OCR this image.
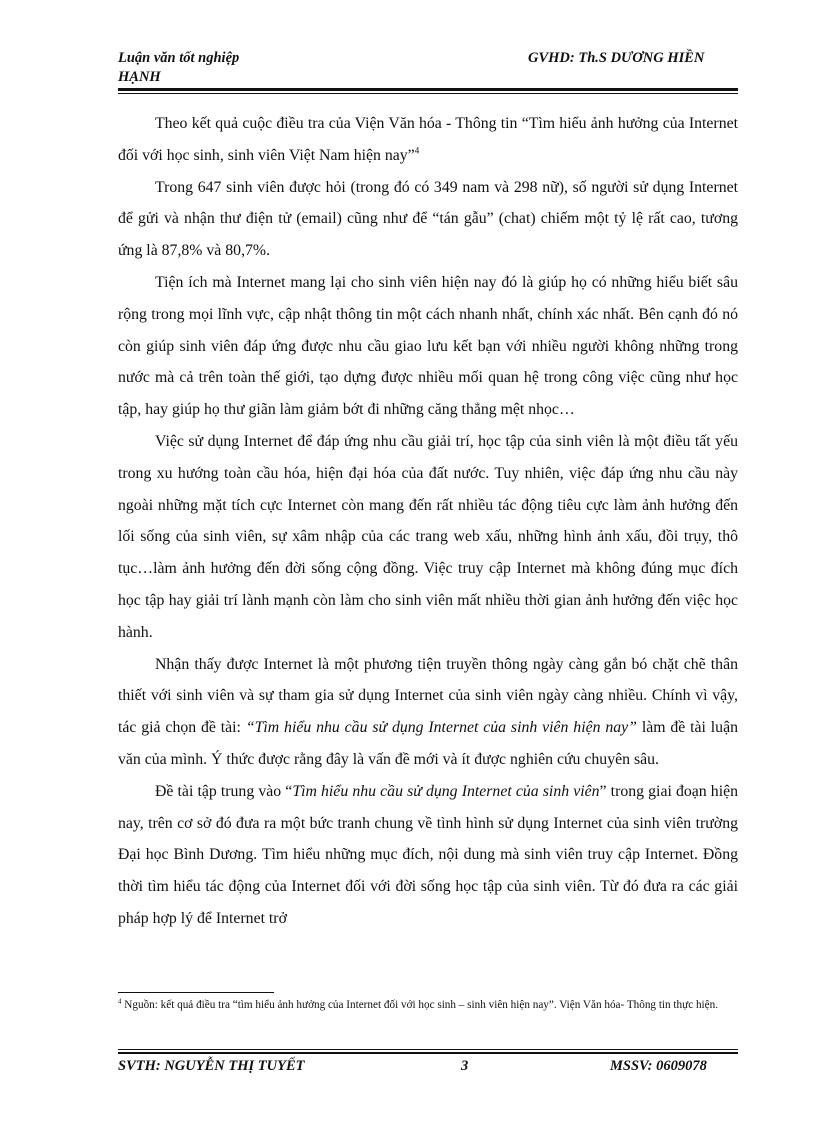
Luận văn tốt nghiệp
HẠNH
GVHD: Th.S DƯƠNG HIỀN

Theo kết quả cuộc điều tra của Viện Văn hóa - Thông tin “Tìm hiểu ảnh hưởng của Internet đối với học sinh, sinh viên Việt Nam hiện nay”$^4$

Trong 647 sinh viên được hỏi (trong đó có 349 nam và 298 nữ), số người sử dụng Internet để gửi và nhận thư điện tử (email) cũng như để “tán gẫu” (chat) chiếm một tỷ lệ rất cao, tương ứng là 87,8% và 80,7%.

Tiện ích mà Internet mang lại cho sinh viên hiện nay đó là giúp họ có những hiểu biết sâu rộng trong mọi lĩnh vực, cập nhật thông tin một cách nhanh nhất, chính xác nhất. Bên cạnh đó nó còn giúp sinh viên đáp ứng được nhu cầu giao lưu kết bạn với nhiều người không những trong nước mà cả trên toàn thế giới, tạo dựng được nhiều mối quan hệ trong công việc cũng như học tập, hay giúp họ thư giãn làm giảm bớt đi những căng thẳng mệt nhọc…

Việc sử dụng Internet để đáp ứng nhu cầu giải trí, học tập của sinh viên là một điều tất yếu trong xu hướng toàn cầu hóa, hiện đại hóa của đất nước. Tuy nhiên, việc đáp ứng nhu cầu này ngoài những mặt tích cực Internet còn mang đến rất nhiều tác động tiêu cực làm ảnh hưởng đến lối sống của sinh viên, sự xâm nhập của các trang web xấu, những hình ảnh xấu, đồi trụy, thô tục…làm ảnh hưởng đến đời sống cộng đồng. Việc truy cập Internet mà không đúng mục đích học tập hay giải trí lành mạnh còn làm cho sinh viên mất nhiều thời gian ảnh hưởng đến việc học hành.

Nhận thấy được Internet là một phương tiện truyền thông ngày càng gắn bó chặt chẽ thân thiết với sinh viên và sự tham gia sử dụng Internet của sinh viên ngày càng nhiều. Chính vì vậy, tác giả chọn đề tài: “Tìm hiểu nhu cầu sử dụng Internet của sinh viên hiện nay” làm đề tài luận văn của mình. Ý thức được rằng đây là vấn đề mới và ít được nghiên cứu chuyên sâu.

Đề tài tập trung vào “Tìm hiểu nhu cầu sử dụng Internet của sinh viên” trong giai đoạn hiện nay, trên cơ sở đó đưa ra một bức tranh chung về tình hình sử dụng Internet của sinh viên trường Đại học Bình Dương. Tìm hiểu những mục đích, nội dung mà sinh viên truy cập Internet. Đồng thời tìm hiểu tác động của Internet đối với đời sống học tập của sinh viên. Từ đó đưa ra các giải pháp hợp lý để Internet trở

$^4$ Nguồn: kết quả điều tra “tìm hiểu ảnh hưởng của Internet đối với học sinh – sinh viên hiện nay”. Viện Văn hóa- Thông tin thực hiện.
SVTH: NGUYỄN THỊ TUYẾT	3	MSSV: 0609078
